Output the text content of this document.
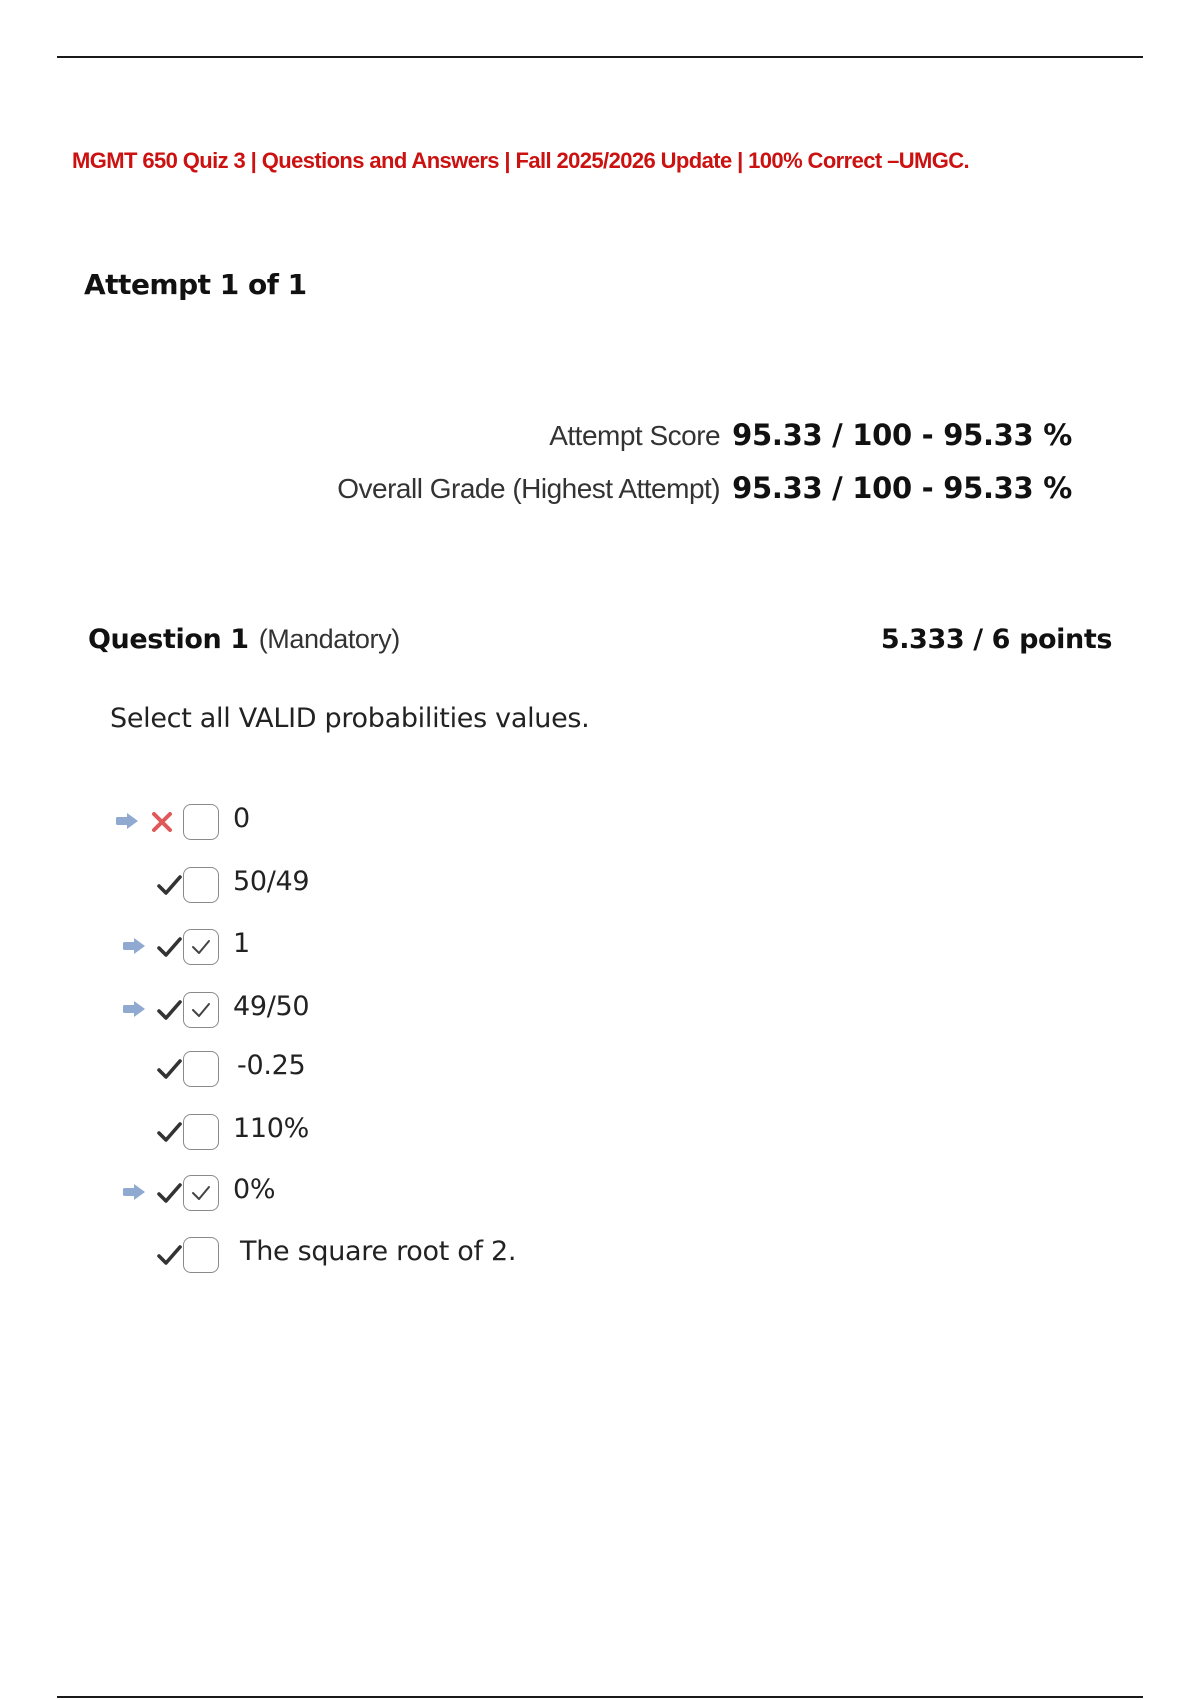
MGMT 650 Quiz 3 | Questions and Answers | Fall 2025/2026 Update | 100% Correct –UMGC.
Attempt 1 of 1
Attempt Score 95.33 / 100 - 95.33 %
Overall Grade (Highest Attempt) 95.33 / 100 - 95.33 %
Question 1 (Mandatory)	5.333 / 6 points
Select all VALID probabilities values.
0
50/49
1
49/50
-0.25
110%
0%
The square root of 2.
